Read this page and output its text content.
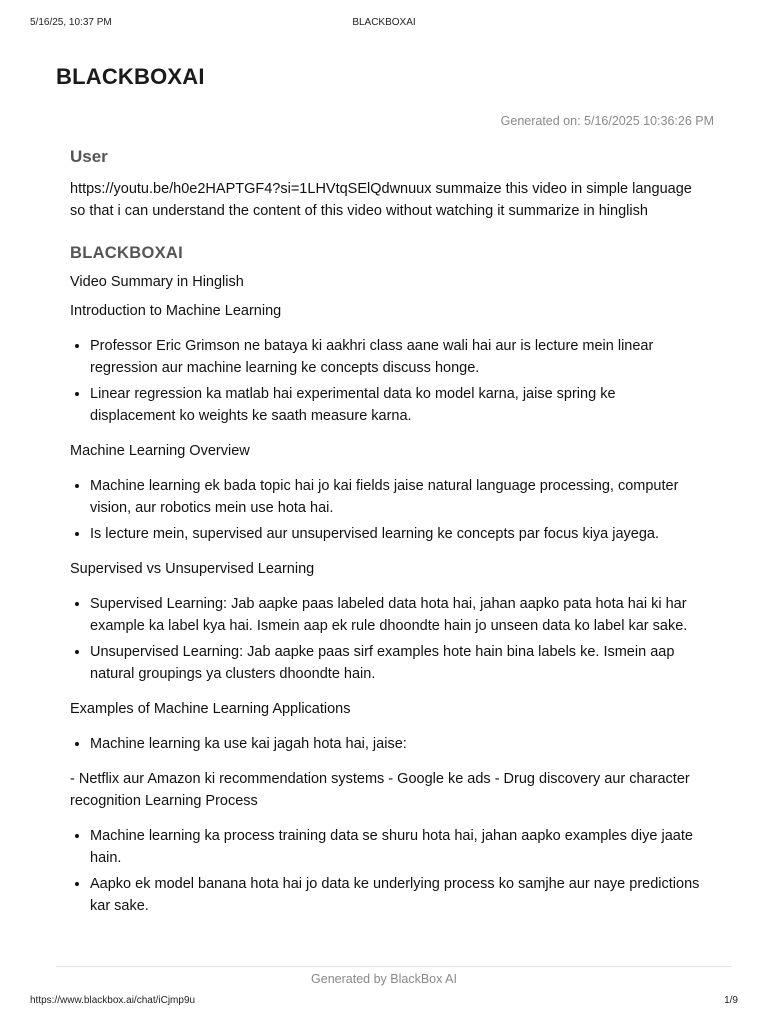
5/16/25, 10:37 PM	BLACKBOXAI
BLACKBOXAI
Generated on: 5/16/2025 10:36:26 PM
User
https://youtu.be/h0e2HAPTGF4?si=1LHVtqSElQdwnuux summaize this video in simple language so that i can understand the content of this video without watching it summarize in hinglish
BLACKBOXAI
Video Summary in Hinglish
Introduction to Machine Learning
• Professor Eric Grimson ne bataya ki aakhri class aane wali hai aur is lecture mein linear regression aur machine learning ke concepts discuss honge.
• Linear regression ka matlab hai experimental data ko model karna, jaise spring ke displacement ko weights ke saath measure karna.
Machine Learning Overview
• Machine learning ek bada topic hai jo kai fields jaise natural language processing, computer vision, aur robotics mein use hota hai.
• Is lecture mein, supervised aur unsupervised learning ke concepts par focus kiya jayega.
Supervised vs Unsupervised Learning
• Supervised Learning: Jab aapke paas labeled data hota hai, jahan aapko pata hota hai ki har example ka label kya hai. Ismein aap ek rule dhoondte hain jo unseen data ko label kar sake.
• Unsupervised Learning: Jab aapke paas sirf examples hote hain bina labels ke. Ismein aap natural groupings ya clusters dhoondte hain.
Examples of Machine Learning Applications
• Machine learning ka use kai jagah hota hai, jaise:
- Netflix aur Amazon ki recommendation systems - Google ke ads - Drug discovery aur character recognition Learning Process
• Machine learning ka process training data se shuru hota hai, jahan aapko examples diye jaate hain.
• Aapko ek model banana hota hai jo data ke underlying process ko samjhe aur naye predictions kar sake.
Generated by BlackBox AI
https://www.blackbox.ai/chat/iCjmp9u	1/9
